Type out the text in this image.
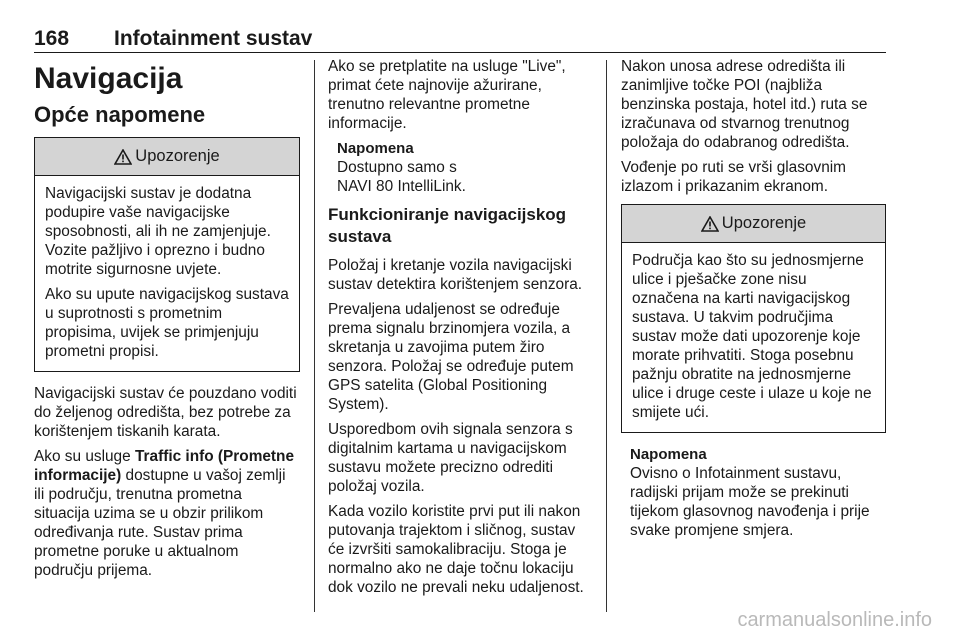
168 Infotainment sustav
Navigacija
Opće napomene
Upozorenje

Navigacijski sustav je dodatna podupire vaše navigacijske sposobnosti, ali ih ne zamjenjuje. Vozite pažljivo i oprezno i budno motrite sigurnosne uvjete.

Ako su upute navigacijskog sustava u suprotnosti s prometnim propisima, uvijek se primjenjuju prometni propisi.

Navigacijski sustav će pouzdano voditi do željenog odredišta, bez potrebe za korištenjem tiskanih karata.

Ako su usluge Traffic info (Prometne informacije) dostupne u vašoj zemlji ili području, trenutna prometna situacija uzima se u obzir prilikom određivanja rute. Sustav prima prometne poruke u aktualnom području prijema.

Ako se pretplatite na usluge "Live", primat ćete najnovije ažurirane, trenutno relevantne prometne informacije.

Napomena
Dostupno samo s
NAVI 80 IntelliLink.
Funkcioniranje navigacijskog sustava

Položaj i kretanje vozila navigacijski sustav detektira korištenjem senzora.

Prevaljena udaljenost se određuje prema signalu brzinomjera vozila, a skretanja u zavojima putem žiro senzora. Položaj se određuje putem GPS satelita (Global Positioning System).

Usporedbom ovih signala senzora s digitalnim kartama u navigacijskom sustavu možete precizno odrediti položaj vozila.

Kada vozilo koristite prvi put ili nakon putovanja trajektom i sličnog, sustav će izvršiti samokalibraciju. Stoga je normalno ako ne daje točnu lokaciju dok vozilo ne prevali neku udaljenost.

Nakon unosa adrese odredišta ili zanimljive točke POI (najbliža benzinska postaja, hotel itd.) ruta se izračunava od stvarnog trenutnog položaja do odabranog odredišta.

Vođenje po ruti se vrši glasovnim izlazom i prikazanim ekranom.

Upozorenje

Područja kao što su jednosmjerne ulice i pješačke zone nisu označena na karti navigacijskog sustava. U takvim područjima sustav može dati upozorenje koje morate prihvatiti. Stoga posebnu pažnju obratite na jednosmjerne ulice i druge ceste i ulaze u koje ne smijete ući.

Napomena
Ovisno o Infotainment sustavu, radijski prijam može se prekinuti tijekom glasovnog navođenja i prije svake promjene smjera.
carmanualsonline.info
